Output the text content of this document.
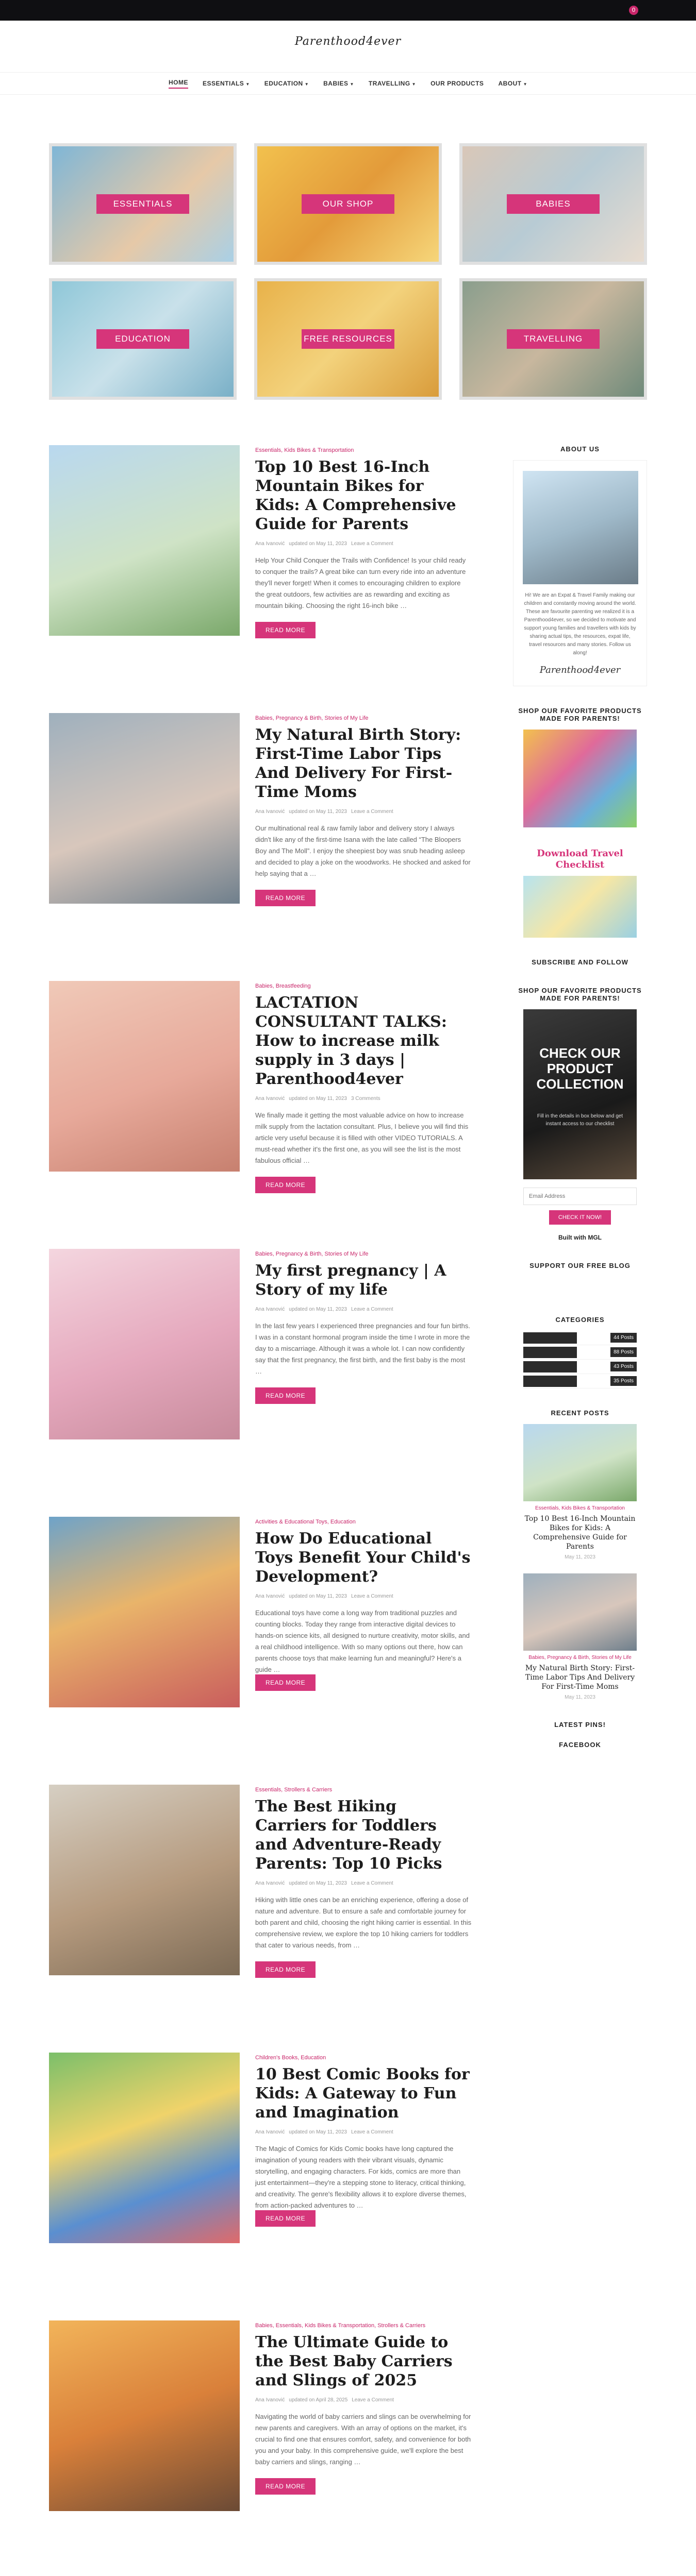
0
Parenthood4ever
HOME ESSENTIALS ▼ EDUCATION ▼ BABIES ▼ TRAVELLING ▼ OUR PRODUCTS ABOUT ▼
ESSENTIALS	OUR SHOP	BABIES
EDUCATION	FREE RESOURCES	TRAVELLING
Essentials, Kids Bikes & Transportation
Top 10 Best 16-Inch Mountain Bikes for Kids: A Comprehensive Guide for Parents
Ana Ivanović updated on May 11, 2023 Leave a Comment
Help Your Child Conquer the Trails with Confidence! Is your child ready to conquer the trails? A great bike can turn every ride into an adventure they'll never forget! When it comes to encouraging children to explore the great outdoors, few activities are as rewarding and exciting as mountain biking. Choosing the right 16-inch bike …
READ MORE
Babies, Pregnancy & Birth, Stories of My Life
My Natural Birth Story: First-Time Labor Tips And Delivery For First-Time Moms
Ana Ivanović updated on May 11, 2023 Leave a Comment
Our multinational real & raw family labor and delivery story I always didn't like any of the first-time Isana with the late called “The Bloopers Boy and The Moll”. I enjoy the sheepiest boy was snub heading asleep and decided to play a joke on the woodworks. He shocked and asked for help saying that a …
READ MORE
Babies, Breastfeeding
LACTATION CONSULTANT TALKS: How to increase milk supply in 3 days | Parenthood4ever
Ana Ivanović updated on May 11, 2023 3 Comments
We finally made it getting the most valuable advice on how to increase milk supply from the lactation consultant. Plus, I believe you will find this article very useful because it is filled with other VIDEO TUTORIALS. A must-read whether it's the first one, as you will see the list is the most fabulous official …
READ MORE
Babies, Pregnancy & Birth, Stories of My Life
My first pregnancy | A Story of my life
Ana Ivanović updated on May 11, 2023 Leave a Comment
In the last few years I experienced three pregnancies and four fun births. I was in a constant hormonal program inside the time I wrote in more the day to a miscarriage. Although it was a whole lot. I can now confidently say that the first pregnancy, the first birth, and the first baby is the most …
READ MORE
Activities & Educational Toys, Education
How Do Educational Toys Benefit Your Child's Development?
Ana Ivanović updated on May 11, 2023 Leave a Comment
Educational toys have come a long way from traditional puzzles and counting blocks. Today they range from interactive digital devices to hands-on science kits, all designed to nurture creativity, motor skills, and a real childhood intelligence. With so many options out there, how can parents choose toys that make learning fun and meaningful? Here's a guide …
READ MORE
Essentials, Strollers & Carriers
The Best Hiking Carriers for Toddlers and Adventure-Ready Parents: Top 10 Picks
Ana Ivanović updated on May 11, 2023 Leave a Comment
Hiking with little ones can be an enriching experience, offering a dose of nature and adventure. But to ensure a safe and comfortable journey for both parent and child, choosing the right hiking carrier is essential. In this comprehensive review, we explore the top 10 hiking carriers for toddlers that cater to various needs, from …
READ MORE
Children's Books, Education
10 Best Comic Books for Kids: A Gateway to Fun and Imagination
Ana Ivanović updated on May 11, 2023 Leave a Comment
The Magic of Comics for Kids Comic books have long captured the imagination of young readers with their vibrant visuals, dynamic storytelling, and engaging characters. For kids, comics are more than just entertainment—they're a stepping stone to literacy, critical thinking, and creativity. The genre's flexibility allows it to explore diverse themes, from action-packed adventures to …
READ MORE
Babies, Essentials, Kids Bikes & Transportation, Strollers & Carriers
The Ultimate Guide to the Best Baby Carriers and Slings of 2025
Ana Ivanović updated on April 28, 2025 Leave a Comment
Navigating the world of baby carriers and slings can be overwhelming for new parents and caregivers. With an array of options on the market, it's crucial to find one that ensures comfort, safety, and convenience for both you and your baby. In this comprehensive guide, we'll explore the best baby carriers and slings, ranging …
READ MORE
ABOUT US
Hi! We are an Expat & Travel Family making our children and constantly moving around the world. These are favourite parenting we realized it is a Parenthood4ever, so we decided to motivate and support young families and travellers with kids by sharing actual tips, the resources, expat life, travel resources and many stories. Follow us along!
Parenthood4ever
SHOP OUR FAVORITE PRODUCTS MADE FOR PARENTS!
Download Travel Checklist
SUBSCRIBE AND FOLLOW
SHOP OUR FAVORITE PRODUCTS MADE FOR PARENTS!
CHECK OUR PRODUCT COLLECTION
Fill in the details in box below and get instant access to our checklist
Email Address
CHECK IT NOW!
Built with MGL
SUPPORT OUR FREE BLOG
CATEGORIES
44 Posts
88 Posts
43 Posts
35 Posts
RECENT POSTS
Essentials, Kids Bikes & Transportation
Top 10 Best 16-Inch Mountain Bikes for Kids: A Comprehensive Guide for Parents
May 11, 2023
Babies, Pregnancy & Birth, Stories of My Life
My Natural Birth Story: First-Time Labor Tips And Delivery For First-Time Moms
May 11, 2023
LATEST PINS!
FACEBOOK
